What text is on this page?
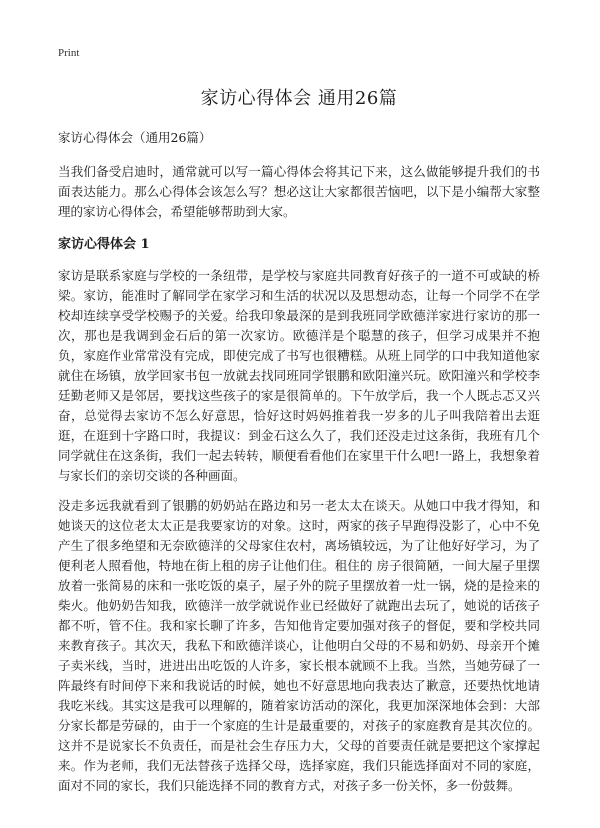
Print
家访心得体会 通用26篇
家访心得体会（通用26篇）

当我们备受启迪时，通常就可以写一篇心得体会将其记下来，这么做能够提升我们的书面表达能力。那么心得体会该怎么写？想必这让大家都很苦恼吧，以下是小编帮大家整理的家访心得体会，希望能够帮助到大家。

家访心得体会 1

家访是联系家庭与学校的一条纽带，是学校与家庭共同教育好孩子的一道不可或缺的桥梁。家访，能准时了解同学在家学习和生活的状况以及思想动态，让每一个同学不在学校却连续享受学校赐予的关爱。给我印象最深的是到我班同学欧德洋家进行家访的那一次，那也是我调到金石后的第一次家访。欧德洋是个聪慧的孩子，但学习成果并不抱负，家庭作业常常没有完成，即使完成了书写也很糟糕。从班上同学的口中我知道他家就住在场镇，放学回家书包一放就去找同班同学银鹏和欧阳潼兴玩。欧阳潼兴和学校李廷勤老师又是邻居，要找这些孩子的家是很简单的。下午放学后，我一个人既忐忑又兴奋，总觉得去家访不怎么好意思，恰好这时妈妈推着我一岁多的儿子叫我陪着出去逛逛，在逛到十字路口时，我提议：到金石这么久了，我们还没走过这条街，我班有几个同学就住在这条街，我们一起去转转，顺便看看他们在家里干什么吧!一路上，我想象着与家长们的亲切交谈的各种画面。

没走多远我就看到了银鹏的奶奶站在路边和另一老太太在谈天。从她口中我才得知，和她谈天的这位老太太正是我要家访的对象。这时，两家的孩子早跑得没影了，心中不免产生了很多绝望和无奈欧德洋的父母家住农村，离场镇较远，为了让他好好学习，为了便利老人照看他，特地在街上租的房子让他们住。租住的 房子很简陋，一间大屋子里摆放着一张简易的床和一张吃饭的桌子，屋子外的院子里摆放着一灶一锅，烧的是捡来的柴火。他奶奶告知我，欧德洋一放学就说作业已经做好了就跑出去玩了，她说的话孩子都不听，管不住。我和家长聊了许多，告知他肯定要加强对孩子的督促，要和学校共同来教育孩子。其次天，我私下和欧德洋谈心，让他明白父母的不易和奶奶、母亲开个摊子卖米线，当时，进进出出吃饭的人许多，家长根本就顾不上我。当然，当她劳碌了一阵最终有时间停下来和我说话的时候，她也不好意思地向我表达了歉意，还要热忱地请我吃米线。其实这是我可以理解的，随着家访活动的深化，我更加深深地体会到：大部分家长都是劳碌的，由于一个家庭的生计是最重要的，对孩子的家庭教育是其次位的。这并不是说家长不负责任，而是社会生存压力大，父母的首要责任就是要把这个家撑起来。作为老师，我们无法替孩子选择父母，选择家庭，我们只能选择面对不同的家庭，面对不同的家长，我们只能选择不同的教育方式，对孩子多一份关怀，多一份鼓舞。
